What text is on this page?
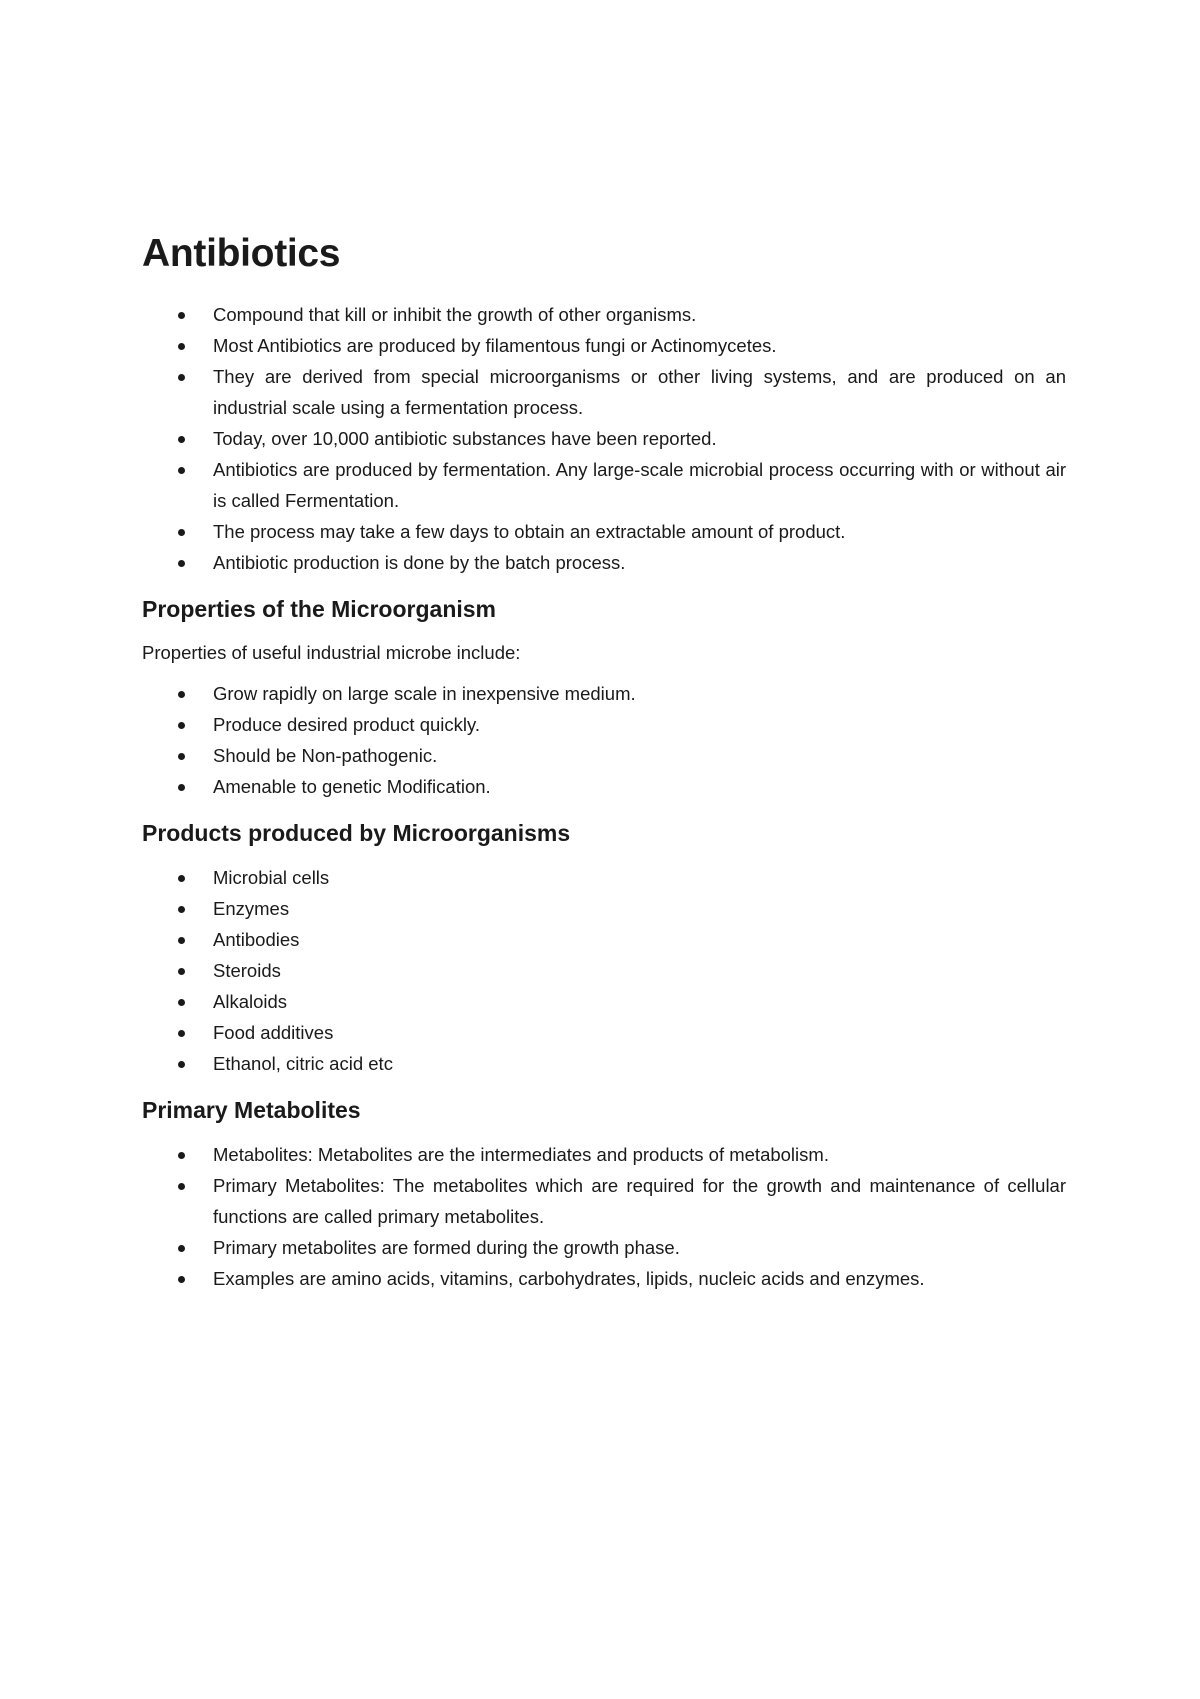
Antibiotics
Compound that kill or inhibit the growth of other organisms.
Most Antibiotics are produced by filamentous fungi or Actinomycetes.
They are derived from special microorganisms or other living systems, and are produced on an industrial scale using a fermentation process.
Today, over 10,000 antibiotic substances have been reported.
Antibiotics are produced by fermentation. Any large-scale microbial process occurring with or without air is called Fermentation.
The process may take a few days to obtain an extractable amount of product.
Antibiotic production is done by the batch process.
Properties of the Microorganism

Properties of useful industrial microbe include:

Grow rapidly on large scale in inexpensive medium.
Produce desired product quickly.
Should be Non-pathogenic.
Amenable to genetic Modification.
Products produced by Microorganisms
Microbial cells
Enzymes
Antibodies
Steroids
Alkaloids
Food additives
Ethanol, citric acid etc
Primary Metabolites
Metabolites: Metabolites are the intermediates and products of metabolism.
Primary Metabolites: The metabolites which are required for the growth and maintenance of cellular functions are called primary metabolites.
Primary metabolites are formed during the growth phase.
Examples are amino acids, vitamins, carbohydrates, lipids, nucleic acids and enzymes.
